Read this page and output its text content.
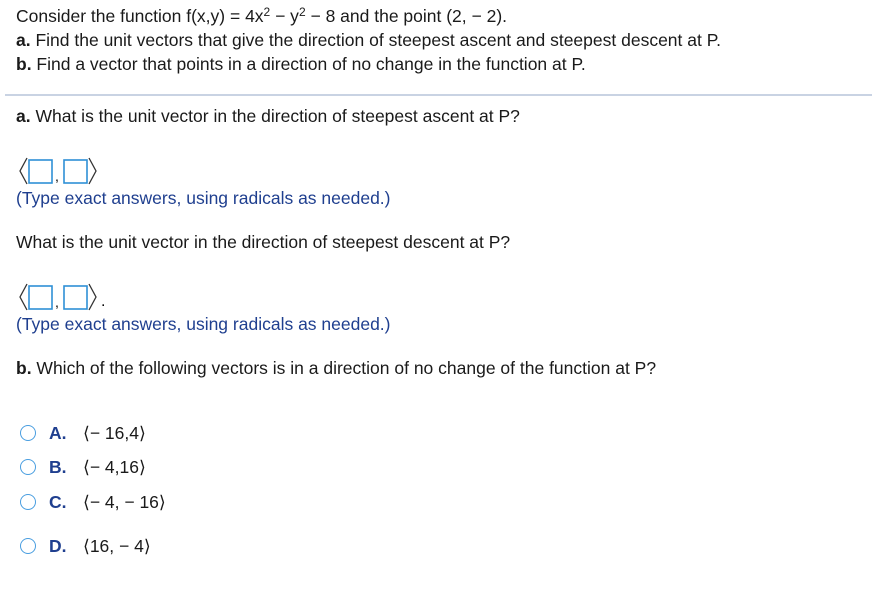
Consider the function $f(x,y) = 4x^2 - y^2 - 8$ and the point (2, − 2).
a. Find the unit vectors that give the direction of steepest ascent and steepest descent at P.
b. Find a vector that points in a direction of no change in the function at P.
a. What is the unit vector in the direction of steepest ascent at P?
,
(Type exact answers, using radicals as needed.)
What is the unit vector in the direction of steepest descent at P?
,	.
(Type exact answers, using radicals as needed.)
b. Which of the following vectors is in a direction of no change of the function at P?
A. ⟨− 16,4⟩
B. ⟨− 4,16⟩
C. ⟨− 4, − 16⟩
D. ⟨16, − 4⟩
